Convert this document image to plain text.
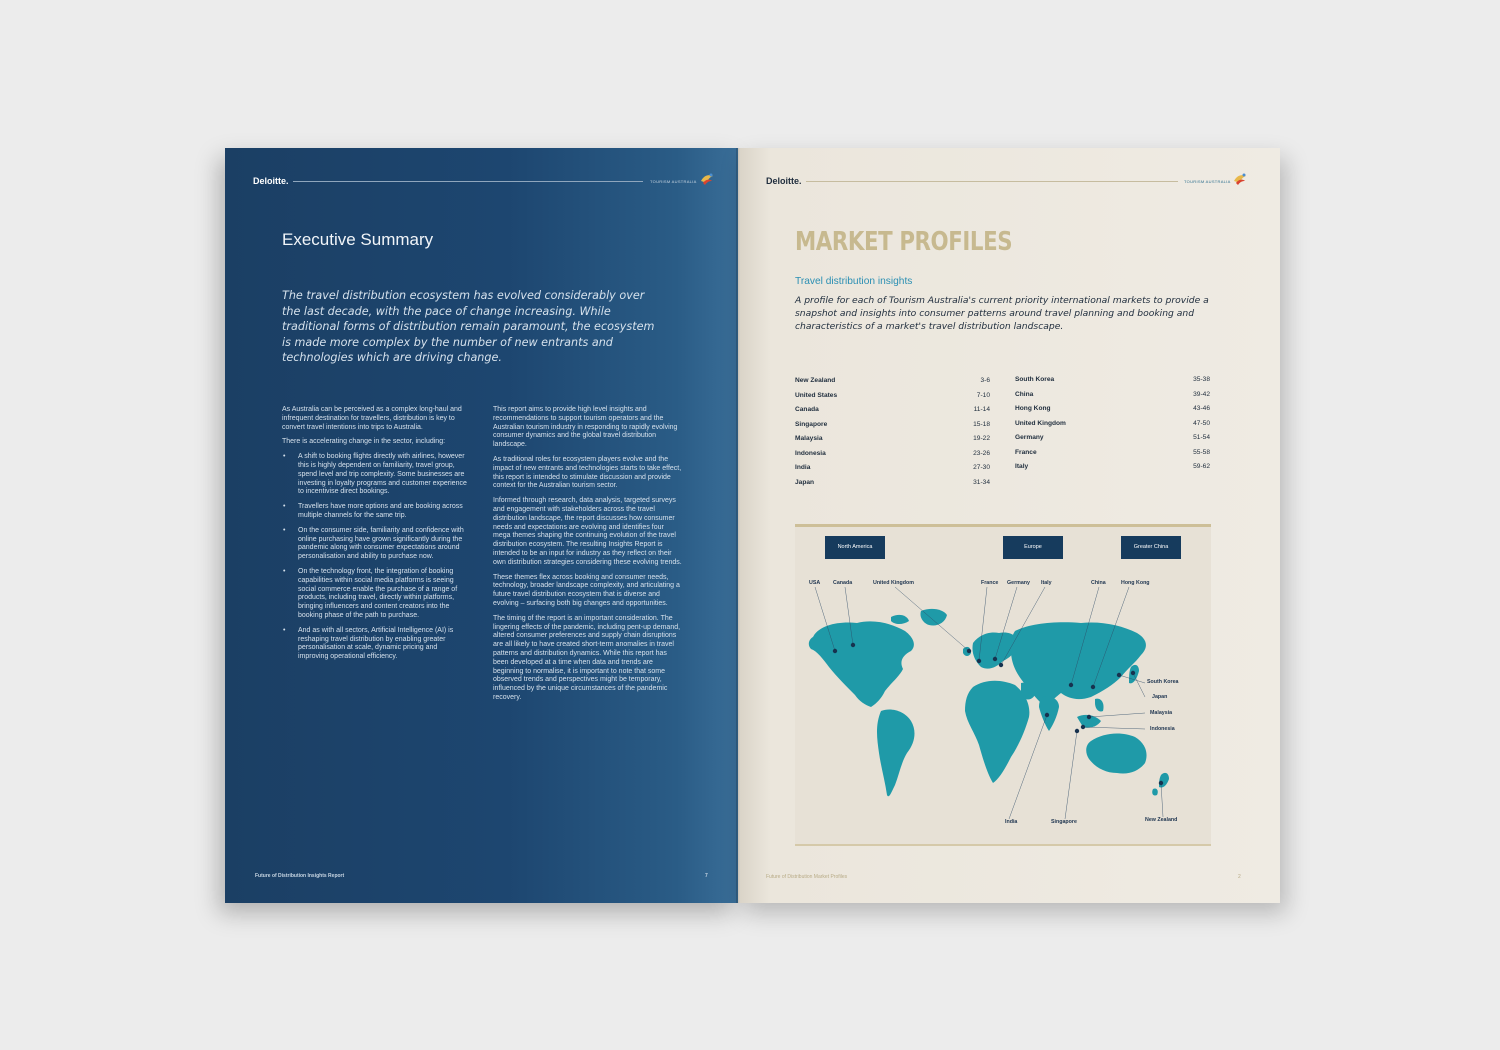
Deloitte.	TOURISM AUSTRALIA
Executive Summary
The travel distribution ecosystem has evolved considerably over the last decade, with the pace of change increasing. While traditional forms of distribution remain paramount, the ecosystem is made more complex by the number of new entrants and technologies which are driving change.

As Australia can be perceived as a complex long-haul and infrequent destination for travellers, distribution is key to convert travel intentions into trips to Australia.

There is accelerating change in the sector, including:

• A shift to booking flights directly with airlines, however this is highly dependent on familiarity, travel group, spend level and trip complexity. Some businesses are investing in loyalty programs and customer experience to incentivise direct bookings.
• Travellers have more options and are booking across multiple channels for the same trip.
• On the consumer side, familiarity and confidence with online purchasing have grown significantly during the pandemic along with consumer expectations around personalisation and ability to purchase now.
• On the technology front, the integration of booking capabilities within social media platforms is seeing social commerce enable the purchase of a range of products, including travel, directly within platforms, bringing influencers and content creators into the booking phase of the path to purchase.
• And as with all sectors, Artificial Intelligence (AI) is reshaping travel distribution by enabling greater personalisation at scale, dynamic pricing and improving operational efficiency.

This report aims to provide high level insights and recommendations to support tourism operators and the Australian tourism industry in responding to rapidly evolving consumer dynamics and the global travel distribution landscape.

As traditional roles for ecosystem players evolve and the impact of new entrants and technologies starts to take effect, this report is intended to stimulate discussion and provide context for the Australian tourism sector.

Informed through research, data analysis, targeted surveys and engagement with stakeholders across the travel distribution landscape, the report discusses how consumer needs and expectations are evolving and identifies four mega themes shaping the continuing evolution of the travel distribution ecosystem. The resulting Insights Report is intended to be an input for industry as they reflect on their own distribution strategies considering these evolving trends.

These themes flex across booking and consumer needs, technology, broader landscape complexity, and articulating a future travel distribution ecosystem that is diverse and evolving – surfacing both big changes and opportunities.

The timing of the report is an important consideration. The lingering effects of the pandemic, including pent-up demand, altered consumer preferences and supply chain disruptions are all likely to have created short-term anomalies in travel patterns and distribution dynamics. While this report has been developed at a time when data and trends are beginning to normalise, it is important to note that some observed trends and perspectives might be temporary, influenced by the unique circumstances of the pandemic recovery.

Future of Distribution Insights Report	7
Deloitte.	TOURISM AUSTRALIA
MARKET PROFILES
Travel distribution insights
A profile for each of Tourism Australia's current priority international markets to provide a snapshot and insights into consumer patterns around travel planning and booking and characteristics of a market's travel distribution landscape.
New Zealand	3-6
United States	7-10
Canada	11-14
Singapore	15-18
Malaysia	19-22
Indonesia	23-26
India	27-30
Japan	31-34
South Korea	35-38
China	39-42
Hong Kong	43-46
United Kingdom	47-50
Germany	51-54
France	55-58
Italy	59-62
North America	Europe	Greater China
USA Canada	United Kingdom	France Germany Italy	China	Hong Kong
South Korea
Japan
Malaysia
Indonesia
India	Singapore	New Zealand
Future of Distribution Market Profiles	2
